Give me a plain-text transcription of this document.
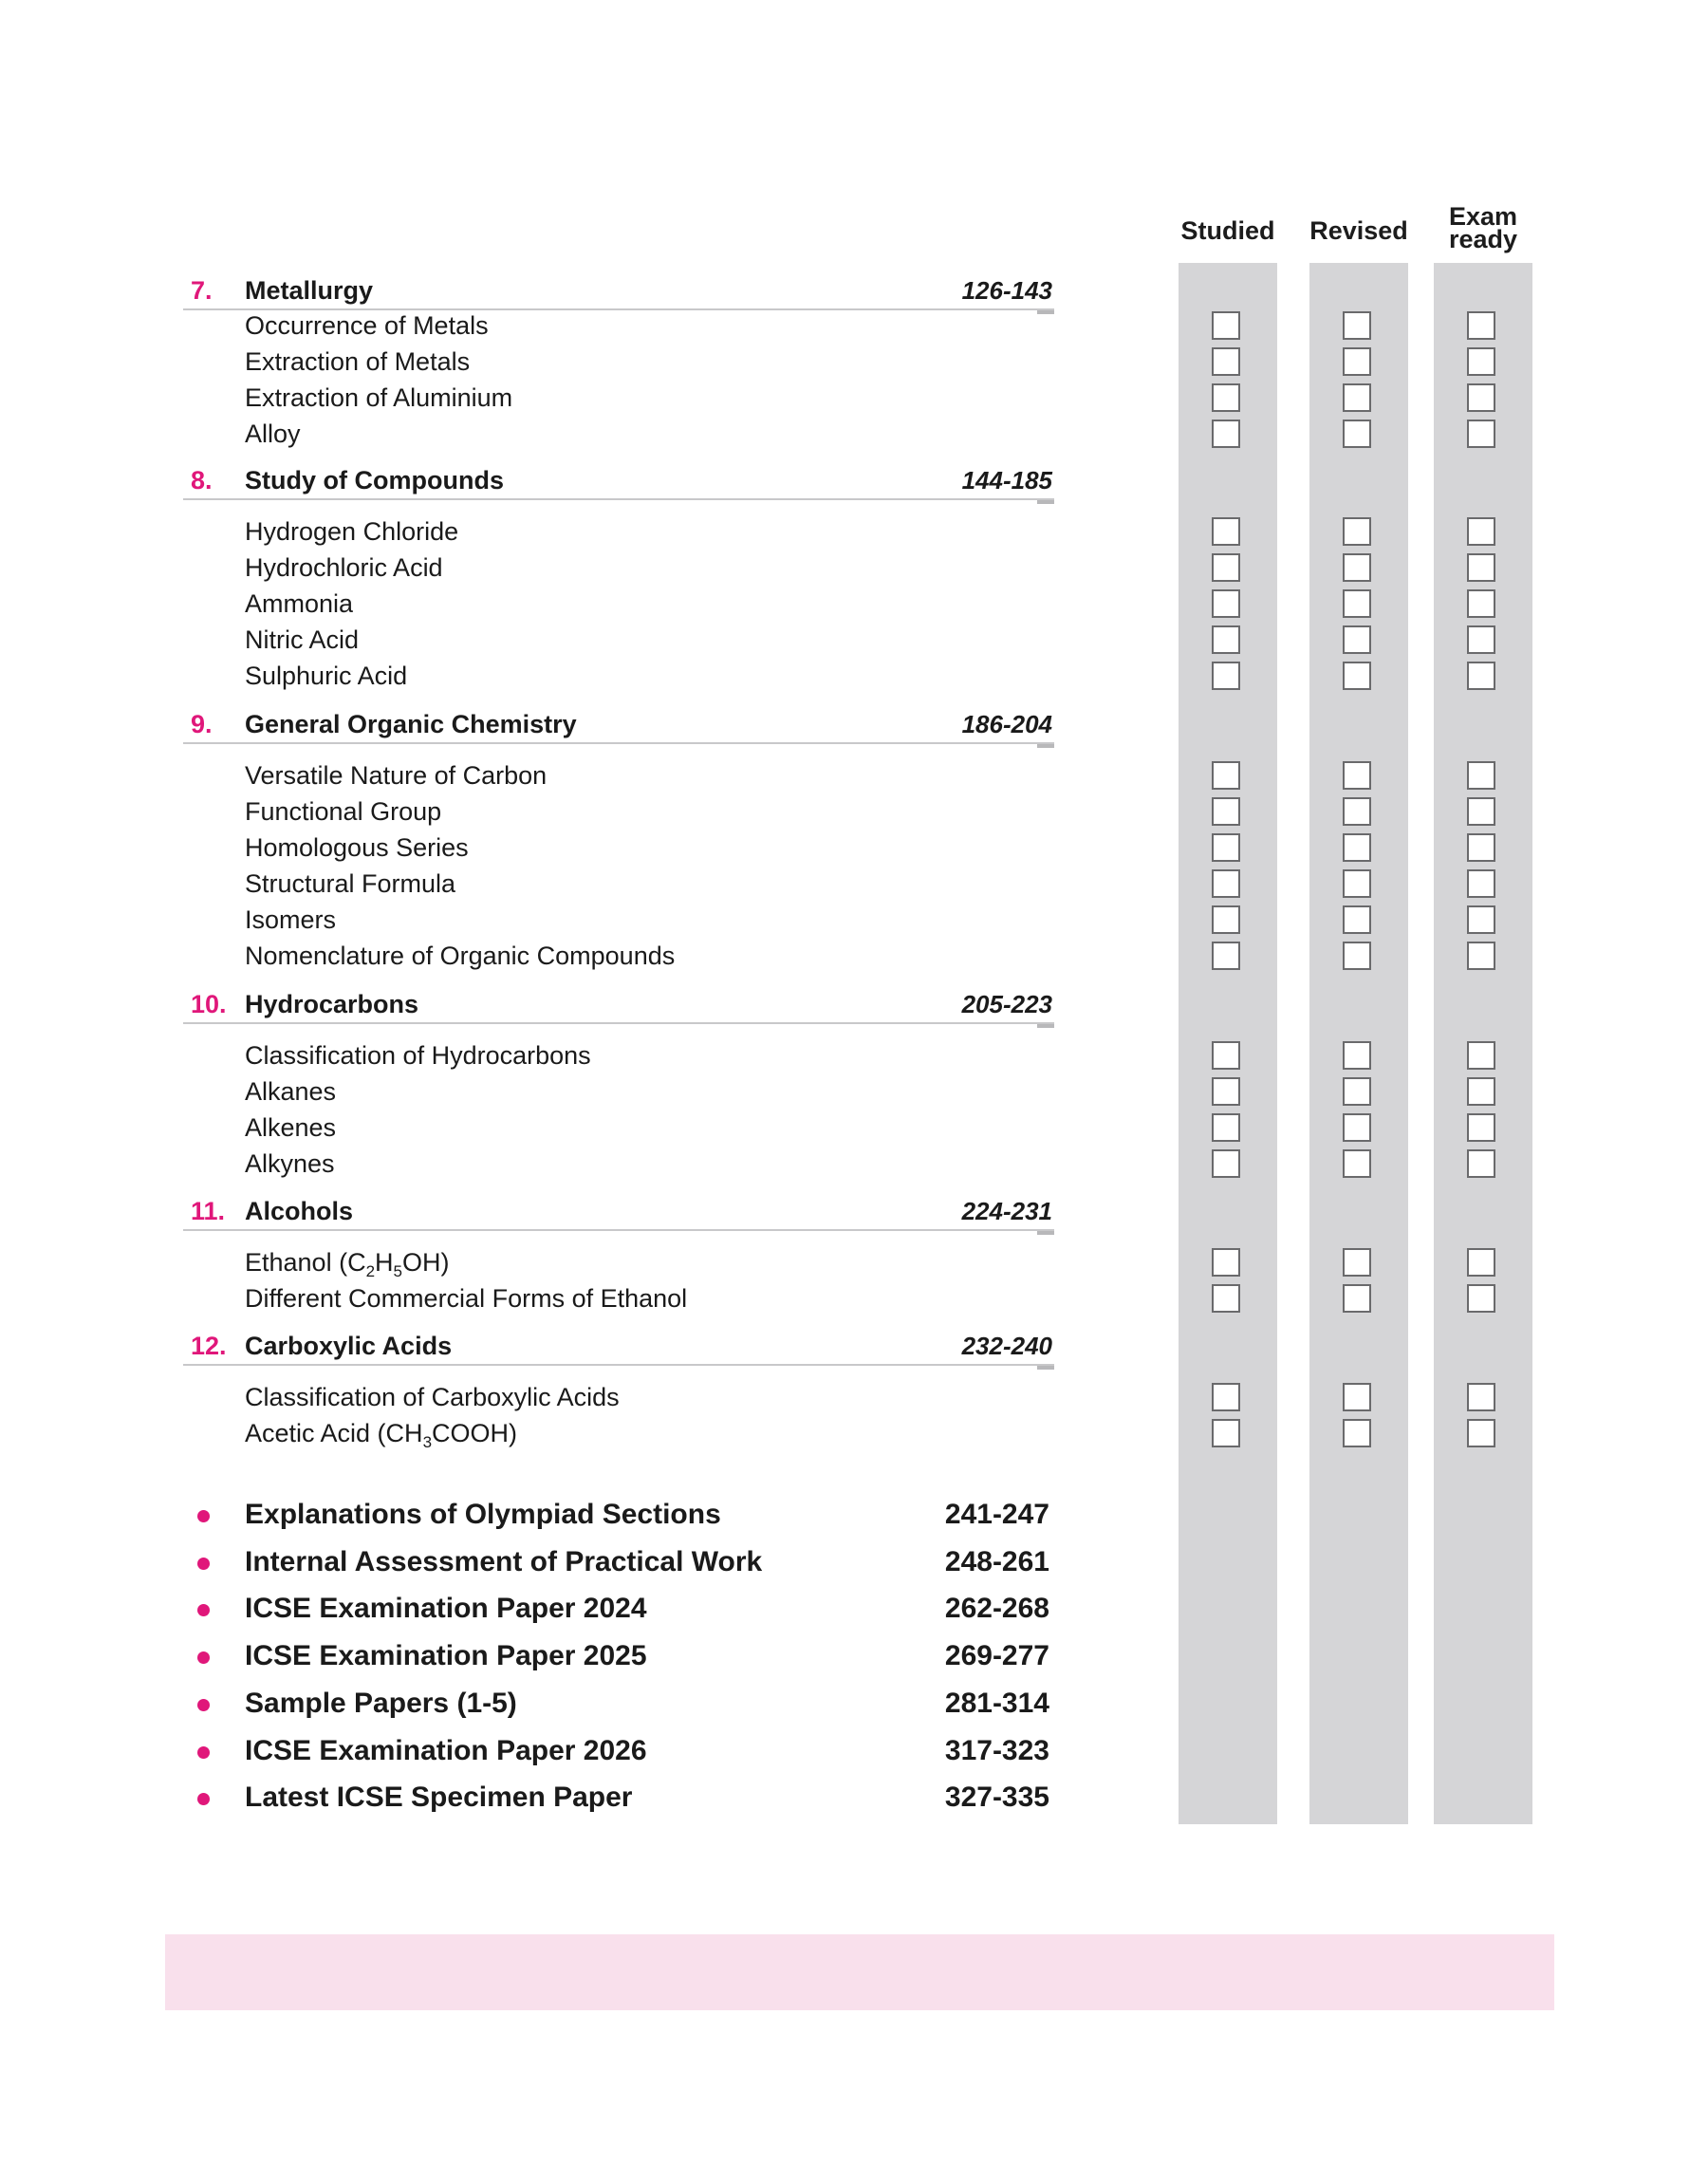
Studied	Revised	Exam ready
7. Metallurgy	126-143
Occurrence of Metals
Extraction of Metals
Extraction of Aluminium
Alloy
8. Study of Compounds	144-185
Hydrogen Chloride
Hydrochloric Acid
Ammonia
Nitric Acid
Sulphuric Acid
9. General Organic Chemistry	186-204
Versatile Nature of Carbon
Functional Group
Homologous Series
Structural Formula
Isomers
Nomenclature of Organic Compounds
10. Hydrocarbons	205-223
Classification of Hydrocarbons
Alkanes
Alkenes
Alkynes
11. Alcohols	224-231
Ethanol $(C_2H_5OH)$
Different Commercial Forms of Ethanol
12. Carboxylic Acids	232-240
Classification of Carboxylic Acids
Acetic Acid $(CH_3COOH)$
Explanations of Olympiad Sections	241-247
Internal Assessment of Practical Work	248-261
ICSE Examination Paper 2024	262-268
ICSE Examination Paper 2025	269-277
Sample Papers (1-5)	281-314
ICSE Examination Paper 2026	317-323
Latest ICSE Specimen Paper	327-335
